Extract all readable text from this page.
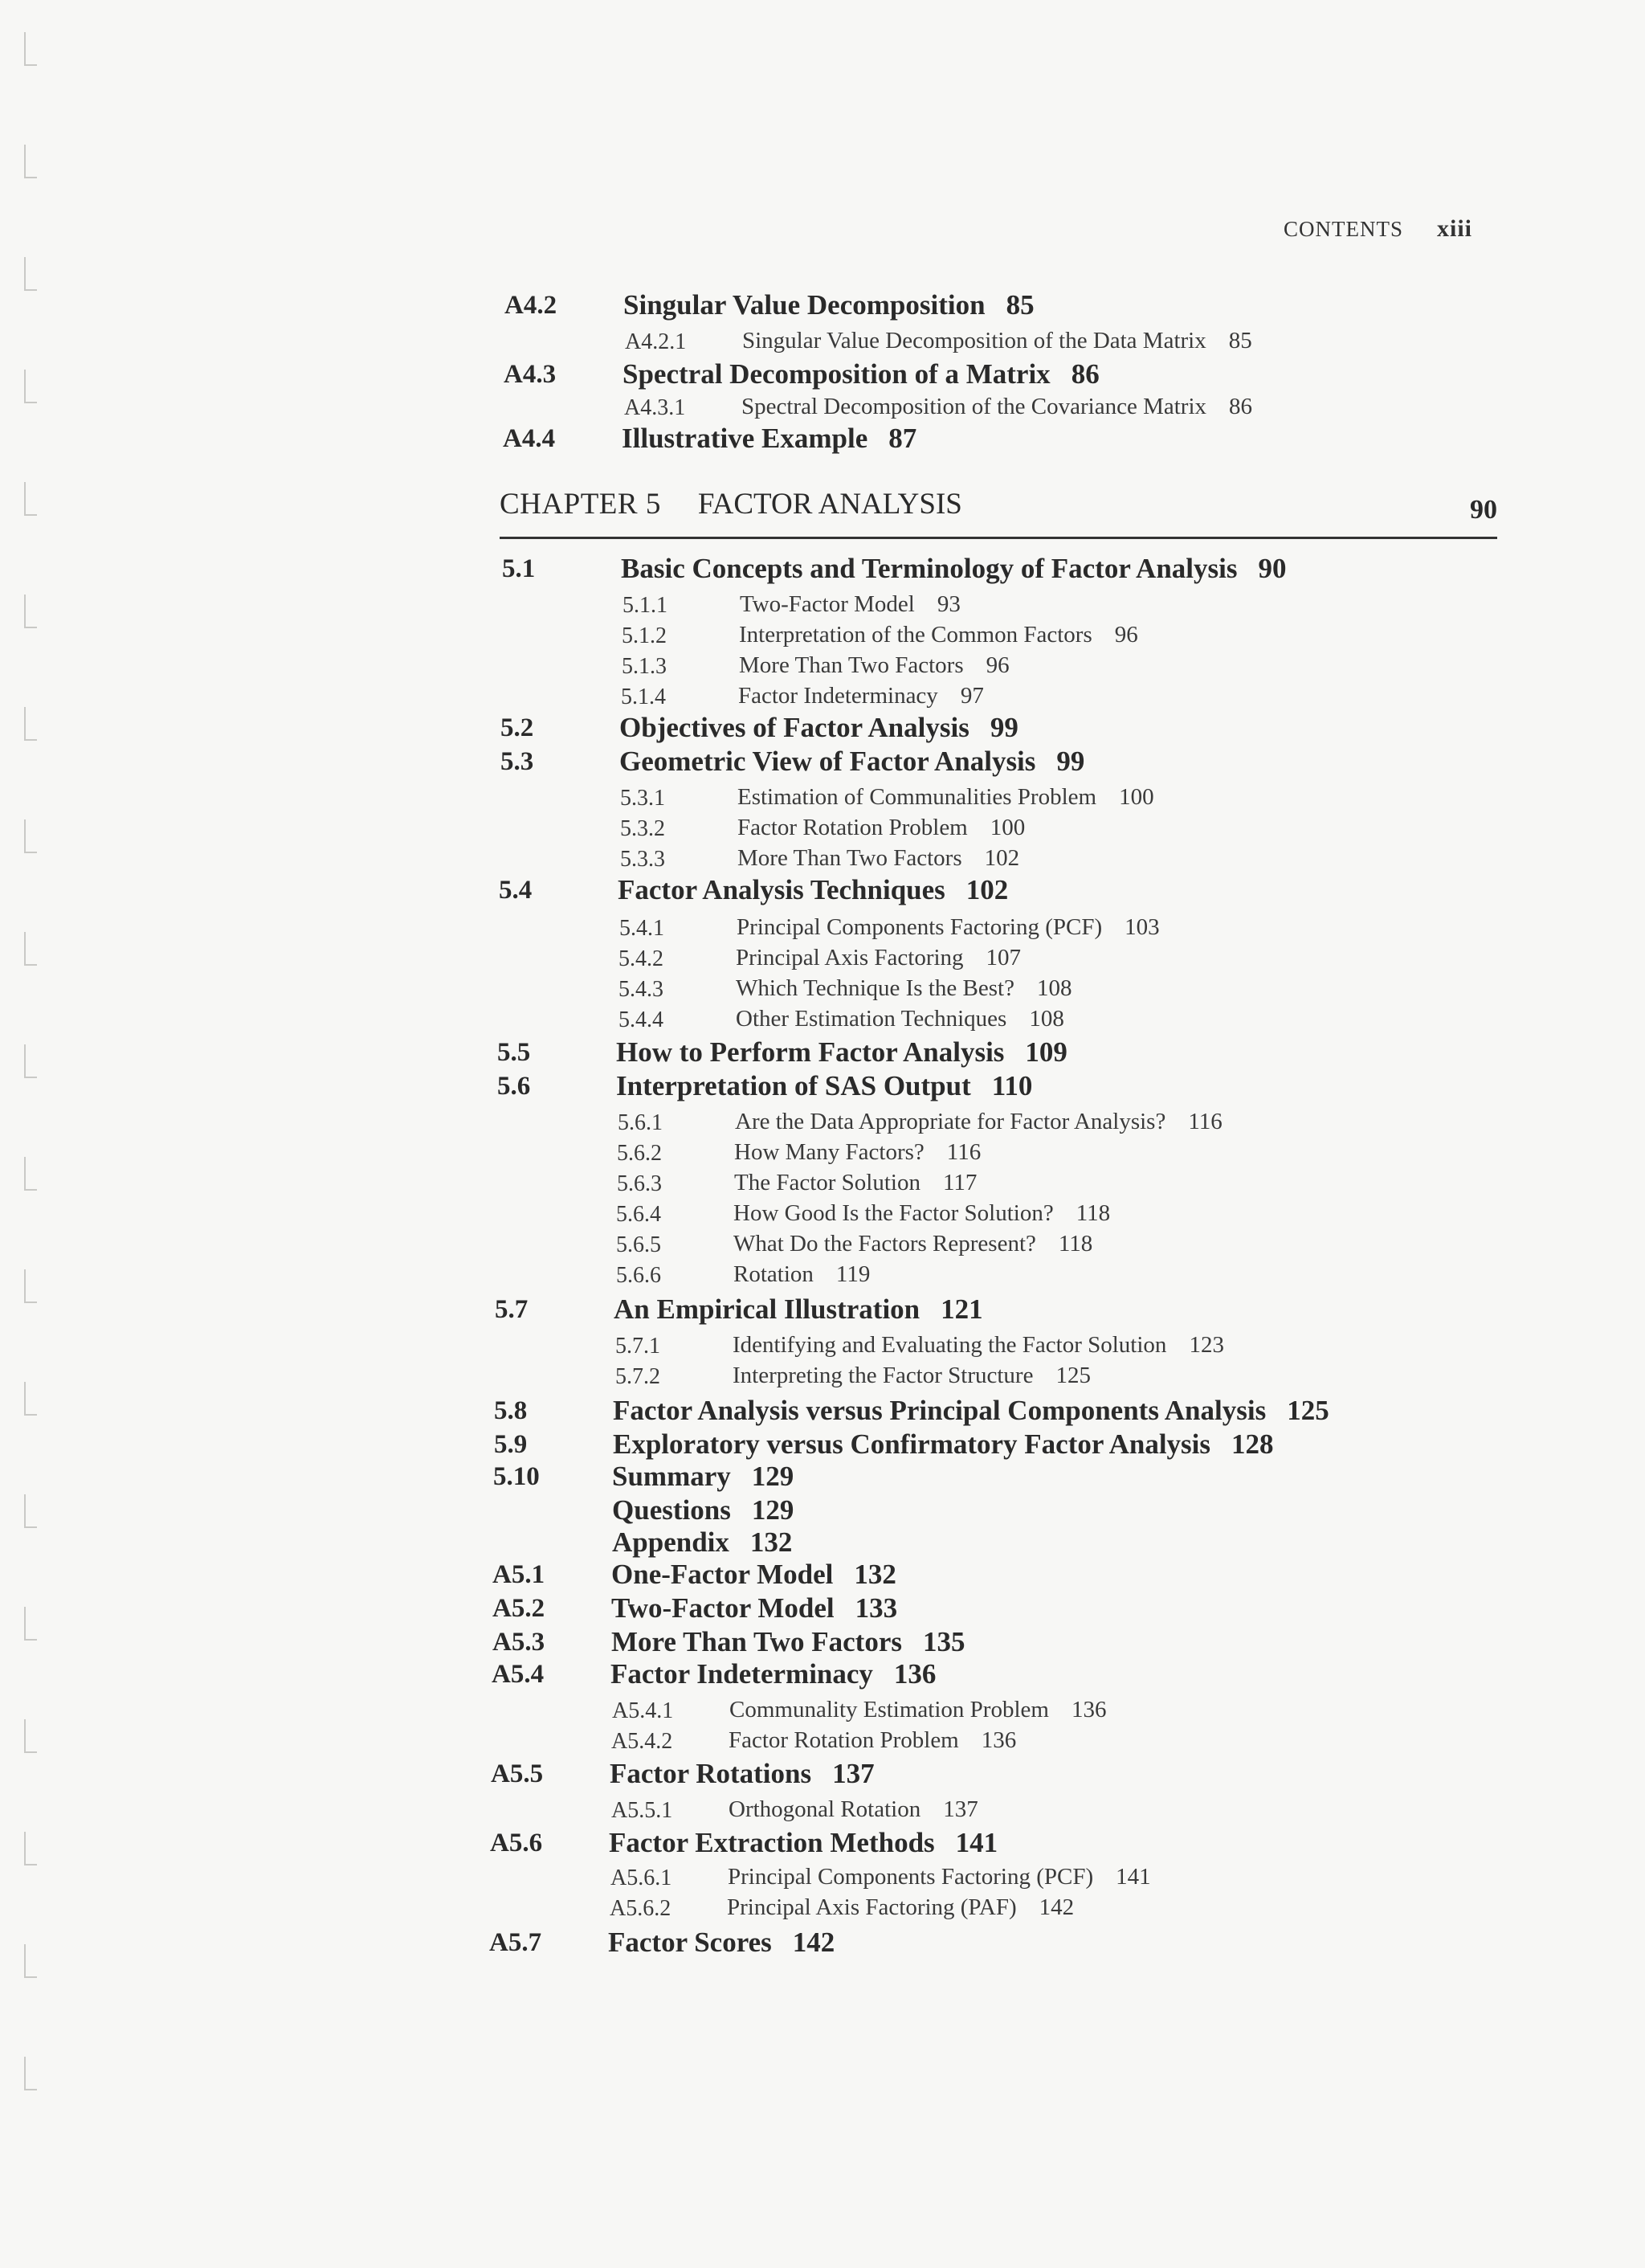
CONTENTS xiii
CHAPTER 5 FACTOR ANALYSIS	90
A4.2 Singular Value Decomposition 85
A4.2.1 Singular Value Decomposition of the Data Matrix 85
A4.3 Spectral Decomposition of a Matrix 86
A4.3.1 Spectral Decomposition of the Covariance Matrix 86
A4.4 Illustrative Example 87
5.1	Basic Concepts and Terminology of Factor Analysis 90
5.1.1	Two-Factor Model 93
5.1.2	Interpretation of the Common Factors 96
5.1.3	More Than Two Factors 96
5.1.4	Factor Indeterminacy 97
5.2	Objectives of Factor Analysis 99
5.3	Geometric View of Factor Analysis 99
5.3.1	Estimation of Communalities Problem 100
5.3.2	Factor Rotation Problem 100
5.3.3	More Than Two Factors 102
5.4	Factor Analysis Techniques 102
5.4.1	Principal Components Factoring (PCF) 103
5.4.2	Principal Axis Factoring 107
5.4.3	Which Technique Is the Best? 108
5.4.4	Other Estimation Techniques 108
5.5	How to Perform Factor Analysis 109
5.6	Interpretation of SAS Output 110
5.6.1	Are the Data Appropriate for Factor Analysis? 116
5.6.2	How Many Factors? 116
5.6.3	The Factor Solution 117
5.6.4	How Good Is the Factor Solution? 118
5.6.5	What Do the Factors Represent? 118
5.6.6	Rotation 119
5.7	An Empirical Illustration 121
5.7.1	Identifying and Evaluating the Factor Solution 123
5.7.2	Interpreting the Factor Structure 125
5.8	Factor Analysis versus Principal Components Analysis 125
5.9	Exploratory versus Confirmatory Factor Analysis 128
5.10	Summary 129
Questions 129
Appendix 132
A5.1 One-Factor Model 132
A5.2 Two-Factor Model 133
A5.3 More Than Two Factors 135
A5.4 Factor Indeterminacy 136
A5.4.1 Communality Estimation Problem 136
A5.4.2 Factor Rotation Problem 136
A5.5 Factor Rotations 137
A5.5.1 Orthogonal Rotation 137
A5.6 Factor Extraction Methods 141
A5.6.1 Principal Components Factoring (PCF) 141
A5.6.2 Principal Axis Factoring (PAF) 142
A5.7 Factor Scores 142
